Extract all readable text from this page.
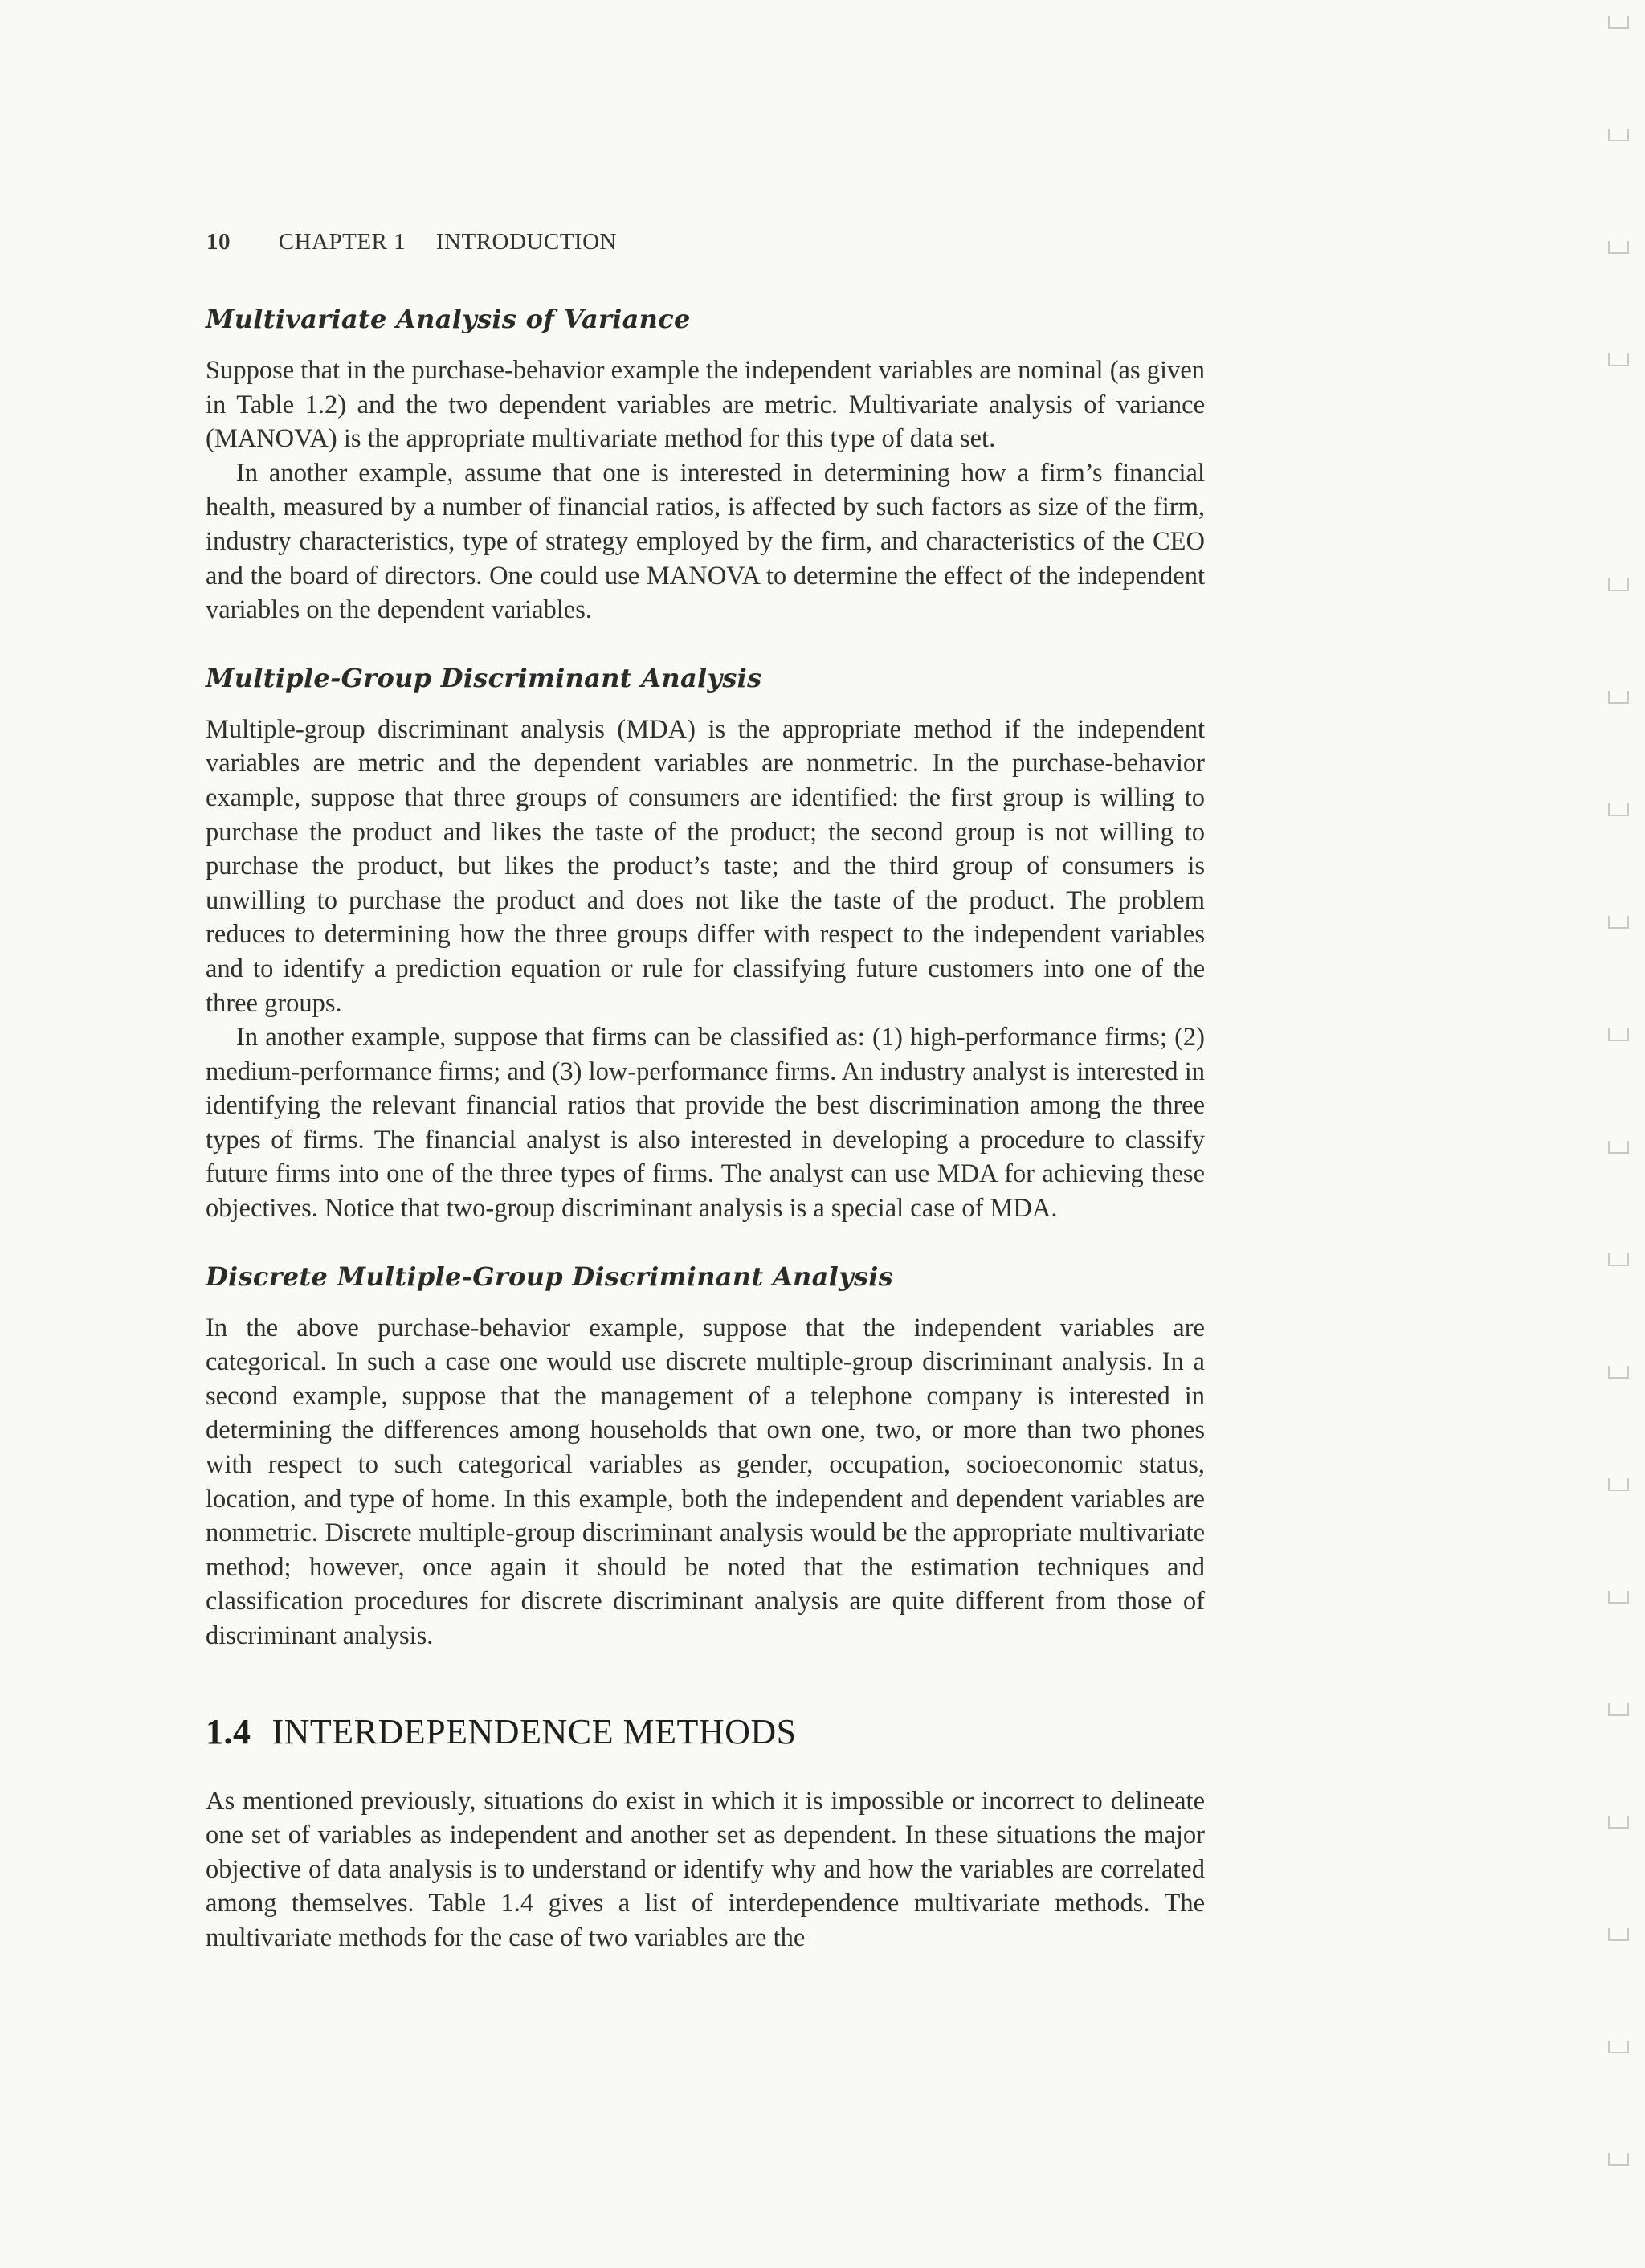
10 CHAPTER 1 INTRODUCTION
Multivariate Analysis of Variance

Suppose that in the purchase-behavior example the independent variables are nominal (as given in Table 1.2) and the two dependent variables are metric. Multivariate analysis of variance (MANOVA) is the appropriate multivariate method for this type of data set.

In another example, assume that one is interested in determining how a firm’s financial health, measured by a number of financial ratios, is affected by such factors as size of the firm, industry characteristics, type of strategy employed by the firm, and characteristics of the CEO and the board of directors. One could use MANOVA to determine the effect of the independent variables on the dependent variables.

Multiple-Group Discriminant Analysis

Multiple-group discriminant analysis (MDA) is the appropriate method if the independent variables are metric and the dependent variables are nonmetric. In the purchase-behavior example, suppose that three groups of consumers are identified: the first group is willing to purchase the product and likes the taste of the product; the second group is not willing to purchase the product, but likes the product’s taste; and the third group of consumers is unwilling to purchase the product and does not like the taste of the product. The problem reduces to determining how the three groups differ with respect to the independent variables and to identify a prediction equation or rule for classifying future customers into one of the three groups.

In another example, suppose that firms can be classified as: (1) high-performance firms; (2) medium-performance firms; and (3) low-performance firms. An industry analyst is interested in identifying the relevant financial ratios that provide the best discrimination among the three types of firms. The financial analyst is also interested in developing a procedure to classify future firms into one of the three types of firms. The analyst can use MDA for achieving these objectives. Notice that two-group discriminant analysis is a special case of MDA.

Discrete Multiple-Group Discriminant Analysis

In the above purchase-behavior example, suppose that the independent variables are categorical. In such a case one would use discrete multiple-group discriminant analysis. In a second example, suppose that the management of a telephone company is interested in determining the differences among households that own one, two, or more than two phones with respect to such categorical variables as gender, occupation, socioeconomic status, location, and type of home. In this example, both the independent and dependent variables are nonmetric. Discrete multiple-group discriminant analysis would be the appropriate multivariate method; however, once again it should be noted that the estimation techniques and classification procedures for discrete discriminant analysis are quite different from those of discriminant analysis.

1.4 INTERDEPENDENCE METHODS

As mentioned previously, situations do exist in which it is impossible or incorrect to delineate one set of variables as independent and another set as dependent. In these situations the major objective of data analysis is to understand or identify why and how the variables are correlated among themselves. Table 1.4 gives a list of interdependence multivariate methods. The multivariate methods for the case of two variables are the
